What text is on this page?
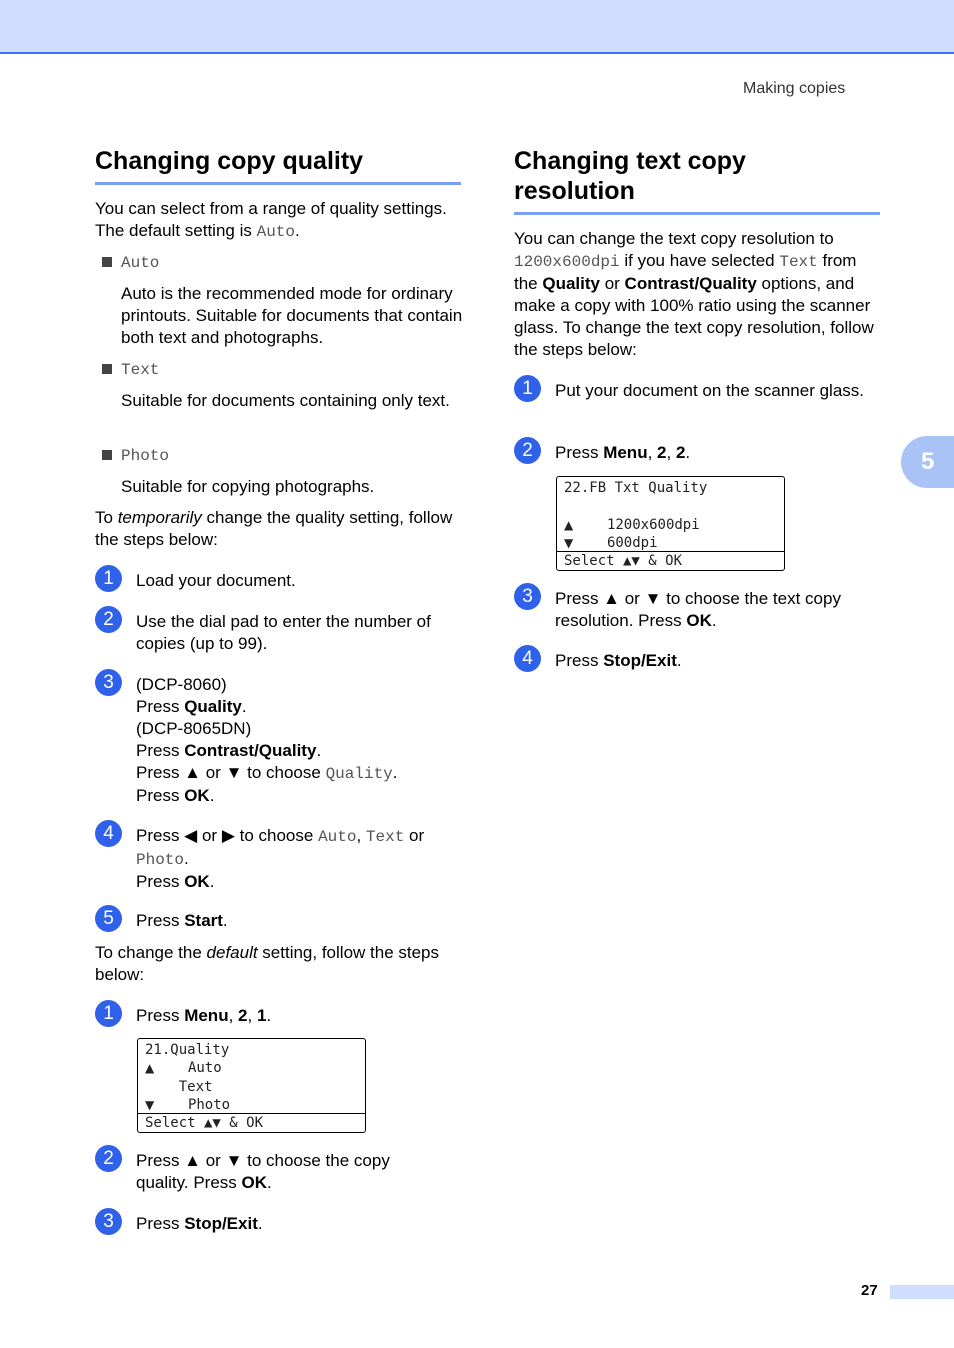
Making copies
5
Changing copy quality

You can select from a range of quality settings. The default setting is Auto.

Auto

Auto is the recommended mode for ordinary printouts. Suitable for documents that contain both text and photographs.

Text

Suitable for documents containing only text.

Photo

Suitable for copying photographs.

To temporarily change the quality setting, follow the steps below:

1	Load your document.
2	Use the dial pad to enter the number of copies (up to 99).
3	(DCP-8060)
Press Quality.
(DCP-8065DN)
Press Contrast/Quality.
Press ▲ or ▼ to choose Quality.
Press OK.
4	Press ◀ or ▶ to choose Auto, Text or
Photo.
Press OK.
5	Press Start.

To change the default setting, follow the steps below:

1	Press Menu, 2, 1.
21.Quality
▲    Auto
Text
▼    Photo
Select ▲▼ & OK
2	Press ▲ or ▼ to choose the copy quality. Press OK.
3	Press Stop/Exit.
Changing text copy
resolution

You can change the text copy resolution to 1200x600dpi if you have selected Text from the Quality or Contrast/Quality options, and make a copy with 100% ratio using the scanner glass. To change the text copy resolution, follow the steps below:

1	Put your document on the scanner glass.
2	Press Menu, 2, 2.
22.FB Txt Quality
▲    1200x600dpi
▼    600dpi
Select ▲▼ & OK
3	Press ▲ or ▼ to choose the text copy resolution. Press OK.
4	Press Stop/Exit.
27
